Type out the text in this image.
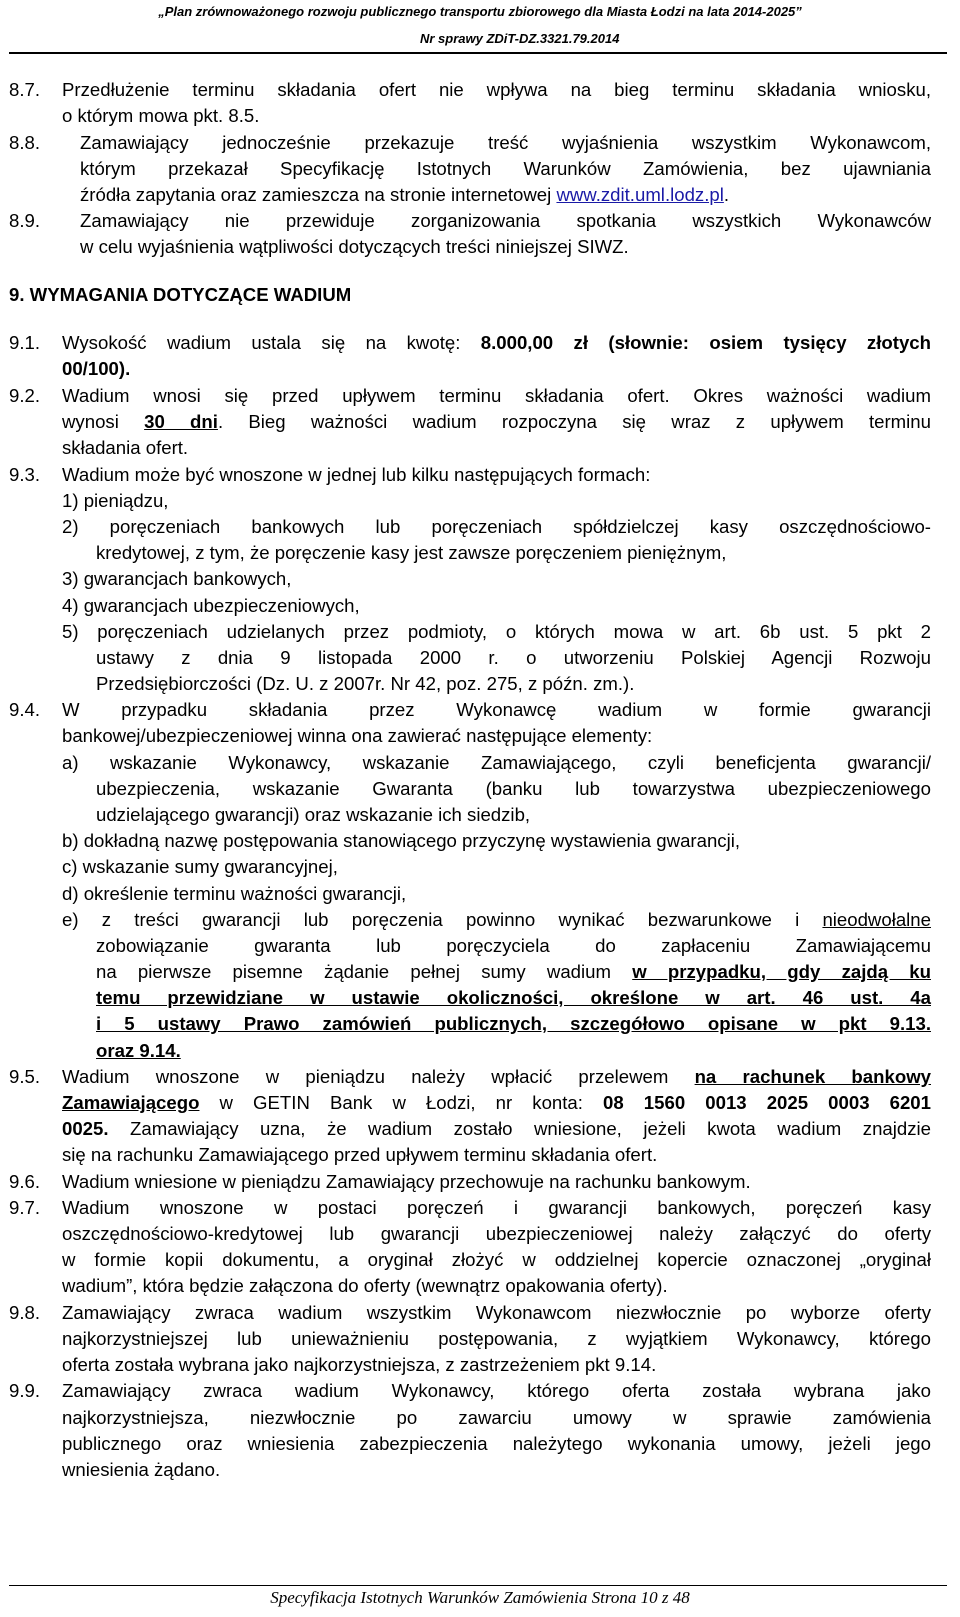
„Plan zrównoważonego rozwoju publicznego transportu zbiorowego dla Miasta Łodzi na lata 2014-2025”
Nr sprawy ZDiT-DZ.3321.79.2014
8.7. Przedłużenie terminu składania ofert nie wpływa na bieg terminu składania wniosku,
o którym mowa pkt. 8.5.
8.8. Zamawiający jednocześnie przekazuje treść wyjaśnienia wszystkim Wykonawcom,
którym przekazał Specyfikację Istotnych Warunków Zamówienia, bez ujawniania
źródła zapytania oraz zamieszcza na stronie internetowej www.zdit.uml.lodz.pl.
8.9. Zamawiający nie przewiduje zorganizowania spotkania wszystkich Wykonawców
w celu wyjaśnienia wątpliwości dotyczących treści niniejszej SIWZ.
9. WYMAGANIA DOTYCZĄCE WADIUM
9.1. Wysokość wadium ustala się na kwotę: 8.000,00 zł (słownie: osiem tysięcy złotych
00/100).
9.2. Wadium wnosi się przed upływem terminu składania ofert. Okres ważności wadium
wynosi 30 dni. Bieg ważności wadium rozpoczyna się wraz z upływem terminu
składania ofert.
9.3. Wadium może być wnoszone w jednej lub kilku następujących formach:
1) pieniądzu,
2) poręczeniach bankowych lub poręczeniach spółdzielczej kasy oszczędnościowo-
kredytowej, z tym, że poręczenie kasy jest zawsze poręczeniem pieniężnym,
3) gwarancjach bankowych,
4) gwarancjach ubezpieczeniowych,
5) poręczeniach udzielanych przez podmioty, o których mowa w art. 6b ust. 5 pkt 2
ustawy z dnia 9 listopada 2000 r. o utworzeniu Polskiej Agencji Rozwoju
Przedsiębiorczości (Dz. U. z 2007r. Nr 42, poz. 275, z późn. zm.).
9.4. W przypadku składania przez Wykonawcę wadium w formie gwarancji
bankowej/ubezpieczeniowej winna ona zawierać następujące elementy:
a) wskazanie Wykonawcy, wskazanie Zamawiającego, czyli beneficjenta gwarancji/
ubezpieczenia, wskazanie Gwaranta (banku lub towarzystwa ubezpieczeniowego
udzielającego gwarancji) oraz wskazanie ich siedzib,
b) dokładną nazwę postępowania stanowiącego przyczynę wystawienia gwarancji,
c) wskazanie sumy gwarancyjnej,
d) określenie terminu ważności gwarancji,
e) z treści gwarancji lub poręczenia powinno wynikać bezwarunkowe i nieodwołalne
zobowiązanie gwaranta lub poręczyciela do zapłaceniu Zamawiającemu
na pierwsze pisemne żądanie pełnej sumy wadium w przypadku, gdy zajdą ku
temu przewidziane w ustawie okoliczności, określone w art. 46 ust. 4a
i 5 ustawy Prawo zamówień publicznych, szczegółowo opisane w pkt 9.13.
oraz 9.14.
9.5. Wadium wnoszone w pieniądzu należy wpłacić przelewem na rachunek bankowy
Zamawiającego w GETIN Bank w Łodzi, nr konta: 08 1560 0013 2025 0003 6201
0025. Zamawiający uzna, że wadium zostało wniesione, jeżeli kwota wadium znajdzie
się na rachunku Zamawiającego przed upływem terminu składania ofert.
9.6. Wadium wniesione w pieniądzu Zamawiający przechowuje na rachunku bankowym.
9.7. Wadium wnoszone w postaci poręczeń i gwarancji bankowych, poręczeń kasy
oszczędnościowo-kredytowej lub gwarancji ubezpieczeniowej należy załączyć do oferty
w formie kopii dokumentu, a oryginał złożyć w oddzielnej kopercie oznaczonej „oryginał
wadium”, która będzie załączona do oferty (wewnątrz opakowania oferty).
9.8. Zamawiający zwraca wadium wszystkim Wykonawcom niezwłocznie po wyborze oferty
najkorzystniejszej lub unieważnieniu postępowania, z wyjątkiem Wykonawcy, którego
oferta została wybrana jako najkorzystniejsza, z zastrzeżeniem pkt 9.14.
9.9. Zamawiający zwraca wadium Wykonawcy, którego oferta została wybrana jako
najkorzystniejsza, niezwłocznie po zawarciu umowy w sprawie zamówienia
publicznego oraz wniesienia zabezpieczenia należytego wykonania umowy, jeżeli jego
wniesienia żądano.
Specyfikacja Istotnych Warunków Zamówienia Strona 10 z 48
